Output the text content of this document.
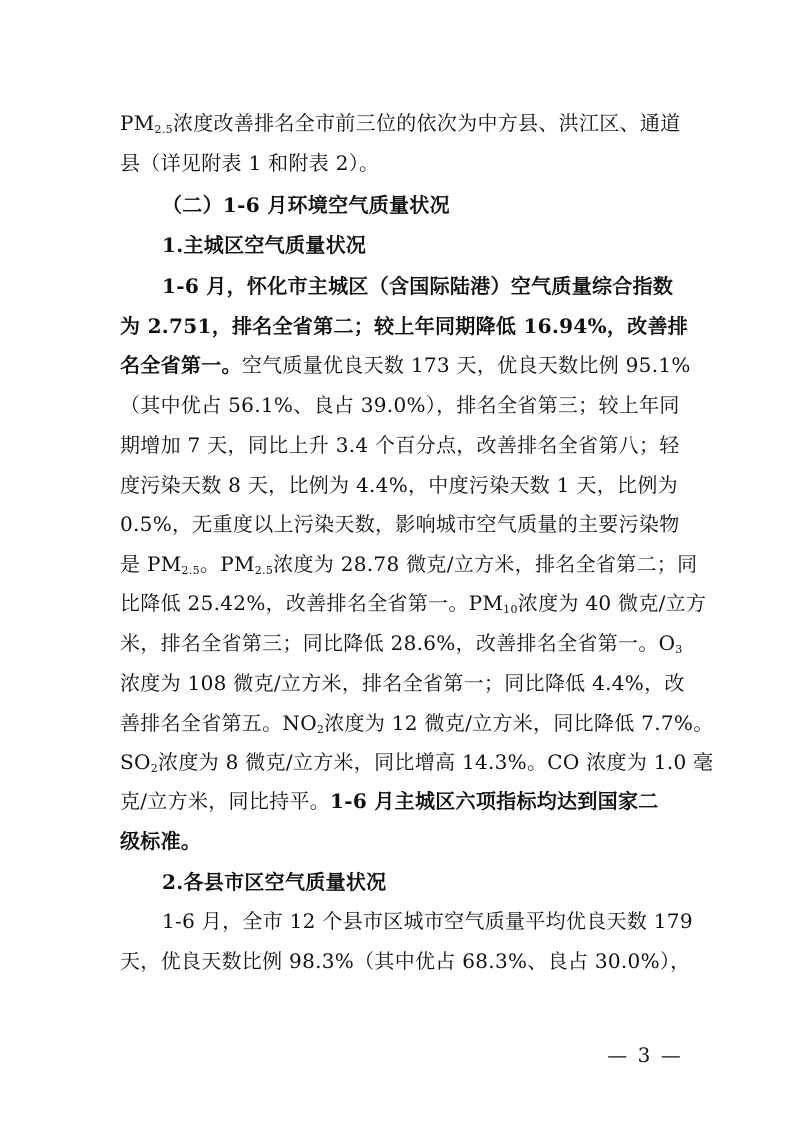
$PM_{2.5}$浓度改善排名全市前三位的依次为中方县、洪江区、通道
县（详见附表 1 和附表 2）。
（二）1-6 月环境空气质量状况
1.主城区空气质量状况
1-6 月，怀化市主城区（含国际陆港）空气质量综合指数
为 2.751，排名全省第二；较上年同期降低 16.94%，改善排
名全省第一。空气质量优良天数 173 天，优良天数比例 95.1%
（其中优占 56.1%、良占 39.0%），排名全省第三；较上年同
期增加 7 天，同比上升 3.4 个百分点，改善排名全省第八；轻
度污染天数 8 天，比例为 4.4%，中度污染天数 1 天，比例为
0.5%，无重度以上污染天数，影响城市空气质量的主要污染物
是 $PM_{2.5}$。$PM_{2.5}$浓度为 28.78 微克/立方米，排名全省第二；同
比降低 25.42%，改善排名全省第一。$PM_{10}$浓度为 40 微克/立方
米，排名全省第三；同比降低 28.6%，改善排名全省第一。$O_3$
浓度为 108 微克/立方米，排名全省第一；同比降低 4.4%，改
善排名全省第五。$NO_2$浓度为 12 微克/立方米，同比降低 7.7%。
$SO_2$浓度为 8 微克/立方米，同比增高 14.3%。CO 浓度为 1.0 毫
克/立方米，同比持平。1-6 月主城区六项指标均达到国家二
级标准。
2.各县市区空气质量状况
1-6 月，全市 12 个县市区城市空气质量平均优良天数 179
天，优良天数比例 98.3%（其中优占 68.3%、良占 30.0%），
— 3 —
